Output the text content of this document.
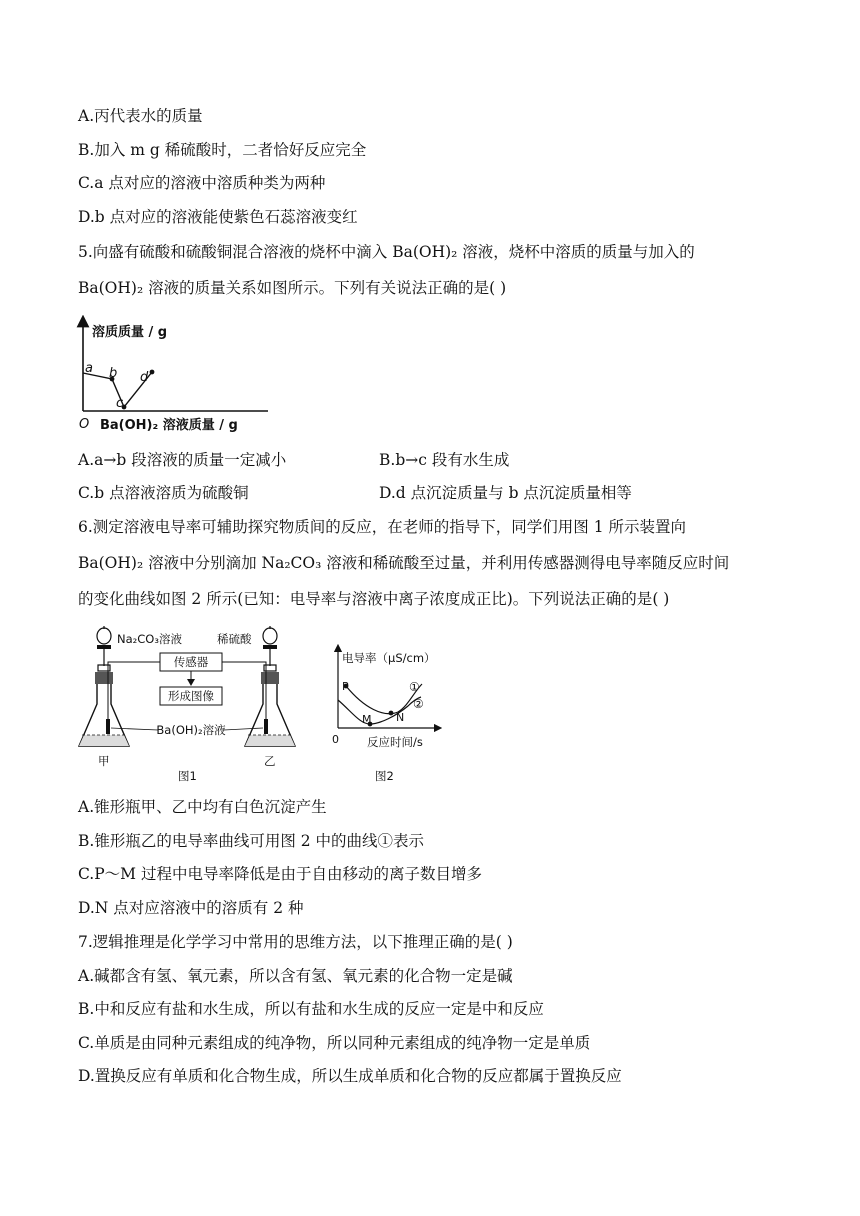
A.丙代表水的质量
B.加入 m g 稀硫酸时，二者恰好反应完全
C.a 点对应的溶液中溶质种类为两种
D.b 点对应的溶液能使紫色石蕊溶液变红
5.向盛有硫酸和硫酸铜混合溶液的烧杯中滴入 Ba(OH)₂ 溶液，烧杯中溶质的质量与加入的
Ba(OH)₂ 溶液的质量关系如图所示。下列有关说法正确的是( )
溶质质量 / g
a b
c
d
O Ba(OH)₂ 溶液质量 / g
A.a→b 段溶液的质量一定减小	B.b→c 段有水生成
C.b 点溶液溶质为硫酸铜	D.d 点沉淀质量与 b 点沉淀质量相等
6.测定溶液电导率可辅助探究物质间的反应，在老师的指导下，同学们用图 1 所示装置向
Ba(OH)₂ 溶液中分别滴加 Na₂CO₃ 溶液和稀硫酸至过量，并利用传感器测得电导率随反应时间
的变化曲线如图 2 所示(已知：电导率与溶液中离子浓度成正比)。下列说法正确的是( )
Na₂CO₃溶液	稀硫酸
传感器
形成图像
Ba(OH)₂溶液
甲	乙
图1
电导率（μS/cm）
P
M N
①
②
0 反应时间/s
图2
A.锥形瓶甲、乙中均有白色沉淀产生
B.锥形瓶乙的电导率曲线可用图 2 中的曲线①表示
C.P～M 过程中电导率降低是由于自由移动的离子数目增多
D.N 点对应溶液中的溶质有 2 种
7.逻辑推理是化学学习中常用的思维方法，以下推理正确的是( )
A.碱都含有氢、氧元素，所以含有氢、氧元素的化合物一定是碱
B.中和反应有盐和水生成，所以有盐和水生成的反应一定是中和反应
C.单质是由同种元素组成的纯净物，所以同种元素组成的纯净物一定是单质
D.置换反应有单质和化合物生成，所以生成单质和化合物的反应都属于置换反应
